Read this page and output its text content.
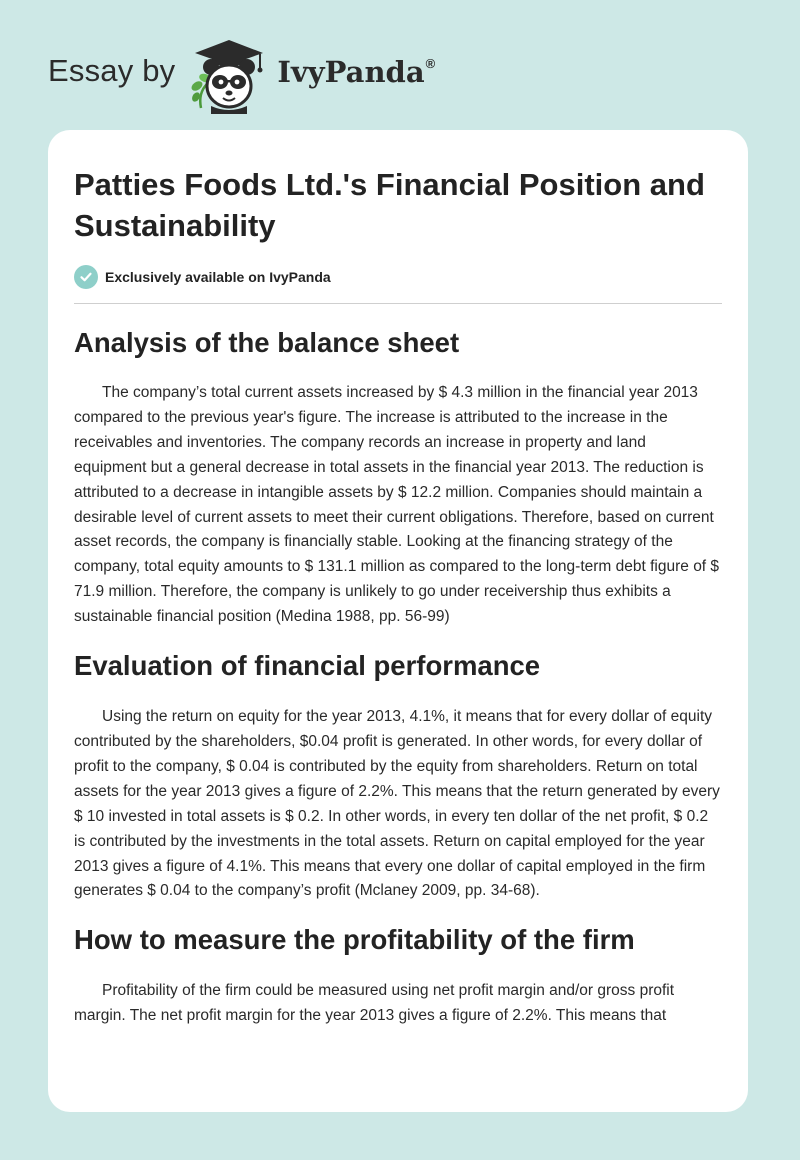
Essay by	IvyPanda®
Patties Foods Ltd.'s Financial Position and Sustainability
Exclusively available on IvyPanda
Analysis of the balance sheet

The company’s total current assets increased by $ 4.3 million in the financial year 2013 compared to the previous year's figure. The increase is attributed to the increase in the receivables and inventories. The company records an increase in property and land equipment but a general decrease in total assets in the financial year 2013. The reduction is attributed to a decrease in intangible assets by $ 12.2 million. Companies should maintain a desirable level of current assets to meet their current obligations. Therefore, based on current asset records, the company is financially stable. Looking at the financing strategy of the company, total equity amounts to $ 131.1 million as compared to the long-term debt figure of $ 71.9 million. Therefore, the company is unlikely to go under receivership thus exhibits a sustainable financial position (Medina 1988, pp. 56-99)

Evaluation of financial performance

Using the return on equity for the year 2013, 4.1%, it means that for every dollar of equity contributed by the shareholders, $0.04 profit is generated. In other words, for every dollar of profit to the company, $ 0.04 is contributed by the equity from shareholders. Return on total assets for the year 2013 gives a figure of 2.2%. This means that the return generated by every $ 10 invested in total assets is $ 0.2. In other words, in every ten dollar of the net profit, $ 0.2 is contributed by the investments in the total assets. Return on capital employed for the year 2013 gives a figure of 4.1%. This means that every one dollar of capital employed in the firm generates $ 0.04 to the company’s profit (Mclaney 2009, pp. 34-68).

How to measure the profitability of the firm

Profitability of the firm could be measured using net profit margin and/or gross profit margin. The net profit margin for the year 2013 gives a figure of 2.2%. This means that
